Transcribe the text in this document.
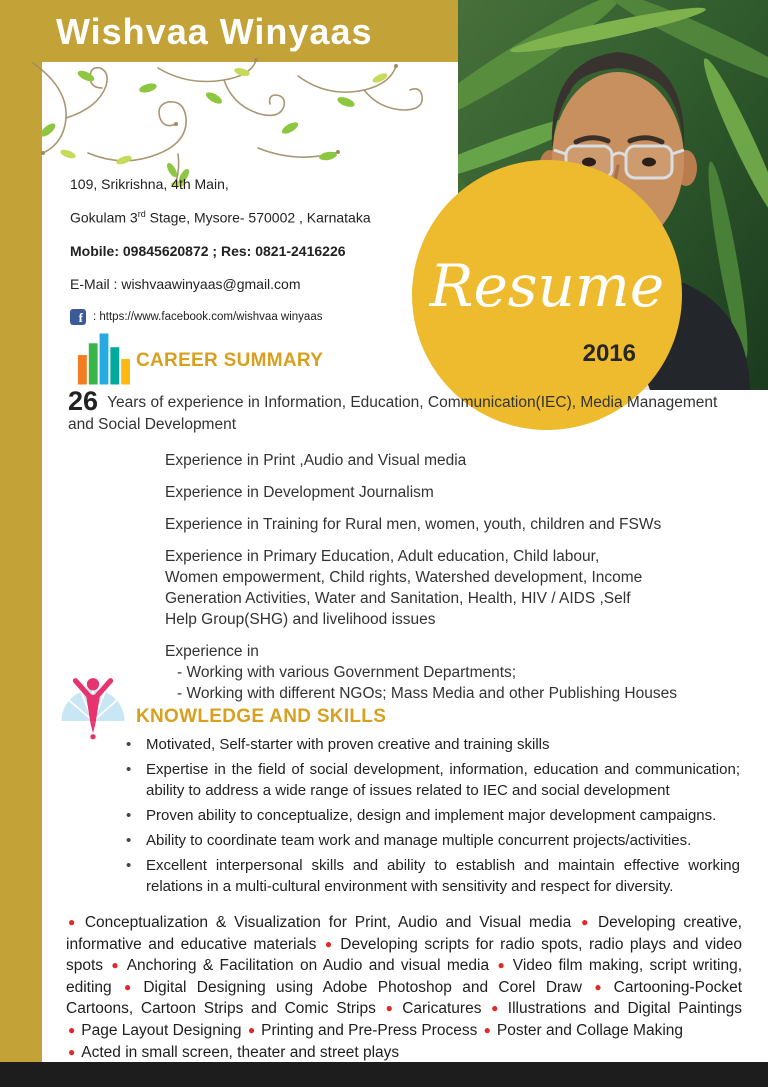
Wishvaa Winyaas
109, Srikrishna, 4th Main,
Gokulam 3rd Stage, Mysore- 570002 , Karnataka
Mobile: 09845620872 ; Res: 0821-2416226
E-Mail : wishvaawinyaas@gmail.com
f : https://www.facebook.com/wishvaa winyaas	Resume
2016
CAREER SUMMARY
26 Years of experience in Information, Education, Communication(IEC), Media Management and Social Development
Experience in Print ,Audio and Visual media
Experience in Development Journalism
Experience in Training for Rural men, women, youth, children and FSWs
Experience in Primary Education, Adult education, Child labour, Women empowerment, Child rights, Watershed development, Income Generation Activities, Water and Sanitation, Health, HIV / AIDS ,Self Help Group(SHG) and livelihood issues
Experience in
- Working with various Government Departments;
- Working with different NGOs; Mass Media and other Publishing Houses
KNOWLEDGE AND SKILLS
• Motivated, Self-starter with proven creative and training skills
• Expertise in the field of social development, information, education and communication; ability to address a wide range of issues related to IEC and social development
• Proven ability to conceptualize, design and implement major development campaigns.
• Ability to coordinate team work and manage multiple concurrent projects/activities.
• Excellent interpersonal skills and ability to establish and maintain effective working relations in a multi-cultural environment with sensitivity and respect for diversity.
● Conceptualization & Visualization for Print, Audio and Visual media ● Developing creative, informative and educative materials ● Developing scripts for radio spots, radio plays and video spots ● Anchoring & Facilitation on Audio and visual media ● Video film making, script writing, editing ● Digital Designing using Adobe Photoshop and Corel Draw ● Cartooning-Pocket Cartoons, Cartoon Strips and Comic Strips ● Caricatures ● Illustrations and Digital Paintings ● Page Layout Designing ● Printing and Pre-Press Process ● Poster and Collage Making
● Acted in small screen, theater and street plays
